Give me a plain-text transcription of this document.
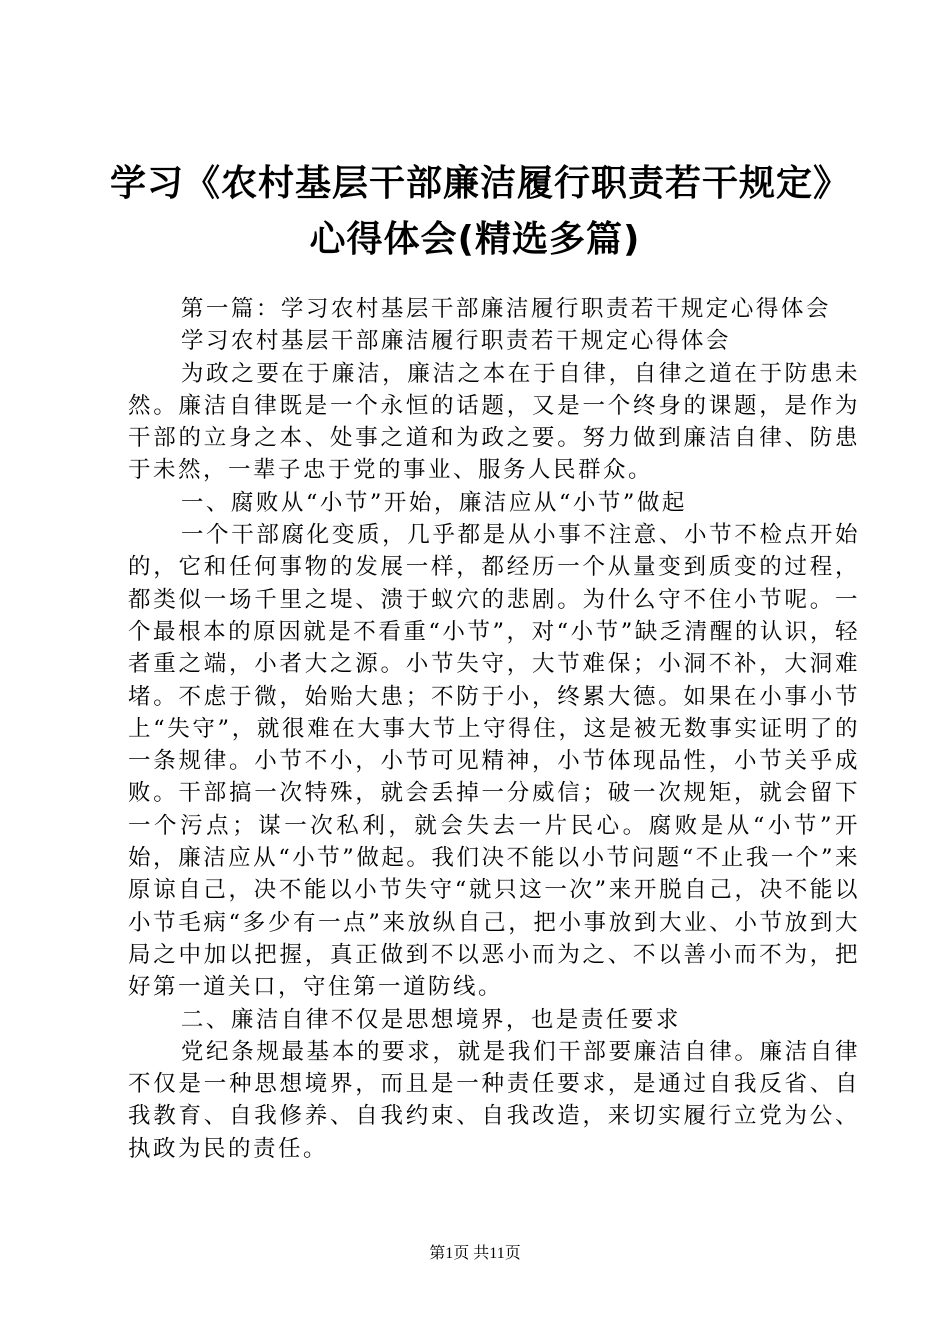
学习《农村基层干部廉洁履行职责若干规定》
心得体会(精选多篇)

第一篇：学习农村基层干部廉洁履行职责若干规定心得体会

学习农村基层干部廉洁履行职责若干规定心得体会

为政之要在于廉洁，廉洁之本在于自律，自律之道在于防患未然。廉洁自律既是一个永恒的话题，又是一个终身的课题，是作为干部的立身之本、处事之道和为政之要。努力做到廉洁自律、防患于未然，一辈子忠于党的事业、服务人民群众。

一、腐败从“小节”开始，廉洁应从“小节”做起

一个干部腐化变质，几乎都是从小事不注意、小节不检点开始的，它和任何事物的发展一样，都经历一个从量变到质变的过程，都类似一场千里之堤、溃于蚁穴的悲剧。为什么守不住小节呢。一个最根本的原因就是不看重“小节”，对“小节”缺乏清醒的认识，轻者重之端，小者大之源。小节失守，大节难保；小洞不补，大洞难堵。不虑于微，始贻大患；不防于小，终累大德。如果在小事小节上“失守”，就很难在大事大节上守得住，这是被无数事实证明了的一条规律。小节不小，小节可见精神，小节体现品性，小节关乎成败。干部搞一次特殊，就会丢掉一分威信；破一次规矩，就会留下一个污点；谋一次私利，就会失去一片民心。腐败是从“小节”开始，廉洁应从“小节”做起。我们决不能以小节问题“不止我一个”来原谅自己，决不能以小节失守“就只这一次”来开脱自己，决不能以小节毛病“多少有一点”来放纵自己，把小事放到大业、小节放到大局之中加以把握，真正做到不以恶小而为之、不以善小而不为，把好第一道关口，守住第一道防线。

二、廉洁自律不仅是思想境界，也是责任要求

党纪条规最基本的要求，就是我们干部要廉洁自律。廉洁自律不仅是一种思想境界，而且是一种责任要求，是通过自我反省、自我教育、自我修养、自我约束、自我改造，来切实履行立党为公、执政为民的责任。

第1页 共11页
